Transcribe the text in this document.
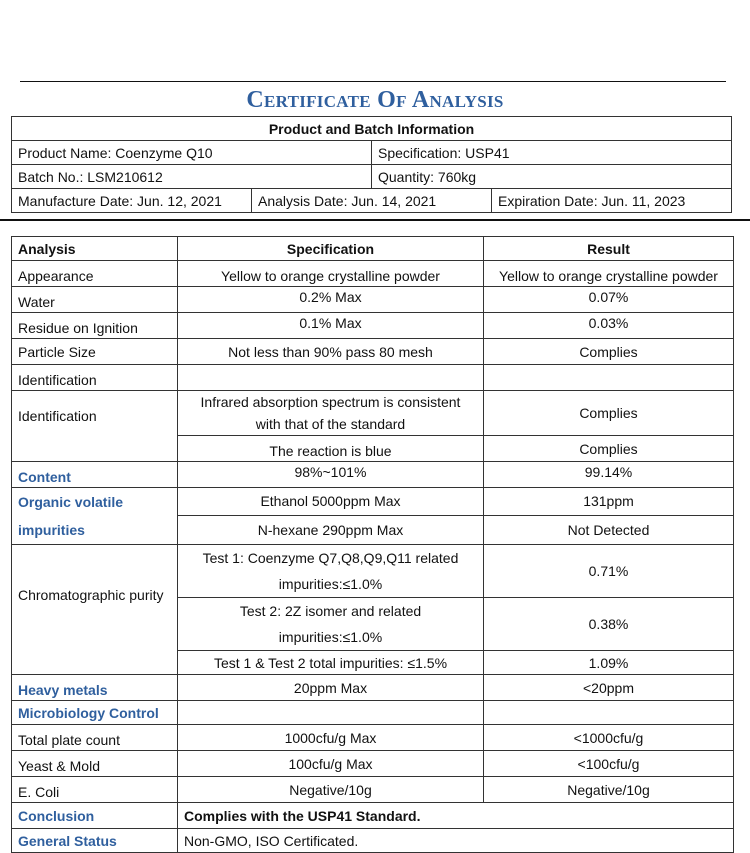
Certificate Of Analysis
Product and Batch Information			
Product Name: Coenzyme Q10		Specification: USP41	
Batch No.: LSM210612		Quantity: 760kg	
Manufacture Date: Jun. 12, 2021	Analysis Date: Jun. 14, 2021		Expiration Date: Jun. 11, 2023
Analysis	Specification	Result
Appearance	Yellow to orange crystalline powder	Yellow to orange crystalline powder
Water	0.2% Max	0.07%
Residue on Ignition	0.1% Max	0.03%
Particle Size	Not less than 90% pass 80 mesh	Complies
Identification		
Identification	Infrared absorption spectrum is consistent
with that of the standard	Complies
	The reaction is blue	Complies
Content	98%~101%	99.14%
Organic volatile
impurities	Ethanol 5000ppm Max	131ppm
	N-hexane 290ppm Max	Not Detected
Chromatographic purity	Test 1: Coenzyme Q7,Q8,Q9,Q11 related
impurities:≤1.0%	0.71%
	Test 2: 2Z isomer and related
impurities:≤1.0%	0.38%
	Test 1 & Test 2 total impurities: ≤1.5%	1.09%
Heavy metals	20ppm Max	<20ppm
Microbiology Control		
Total plate count	1000cfu/g Max	<1000cfu/g
Yeast & Mold	100cfu/g Max	<100cfu/g
E. Coli	Negative/10g	Negative/10g
Conclusion	Complies with the USP41 Standard.	
General Status	Non-GMO, ISO Certificated.	
